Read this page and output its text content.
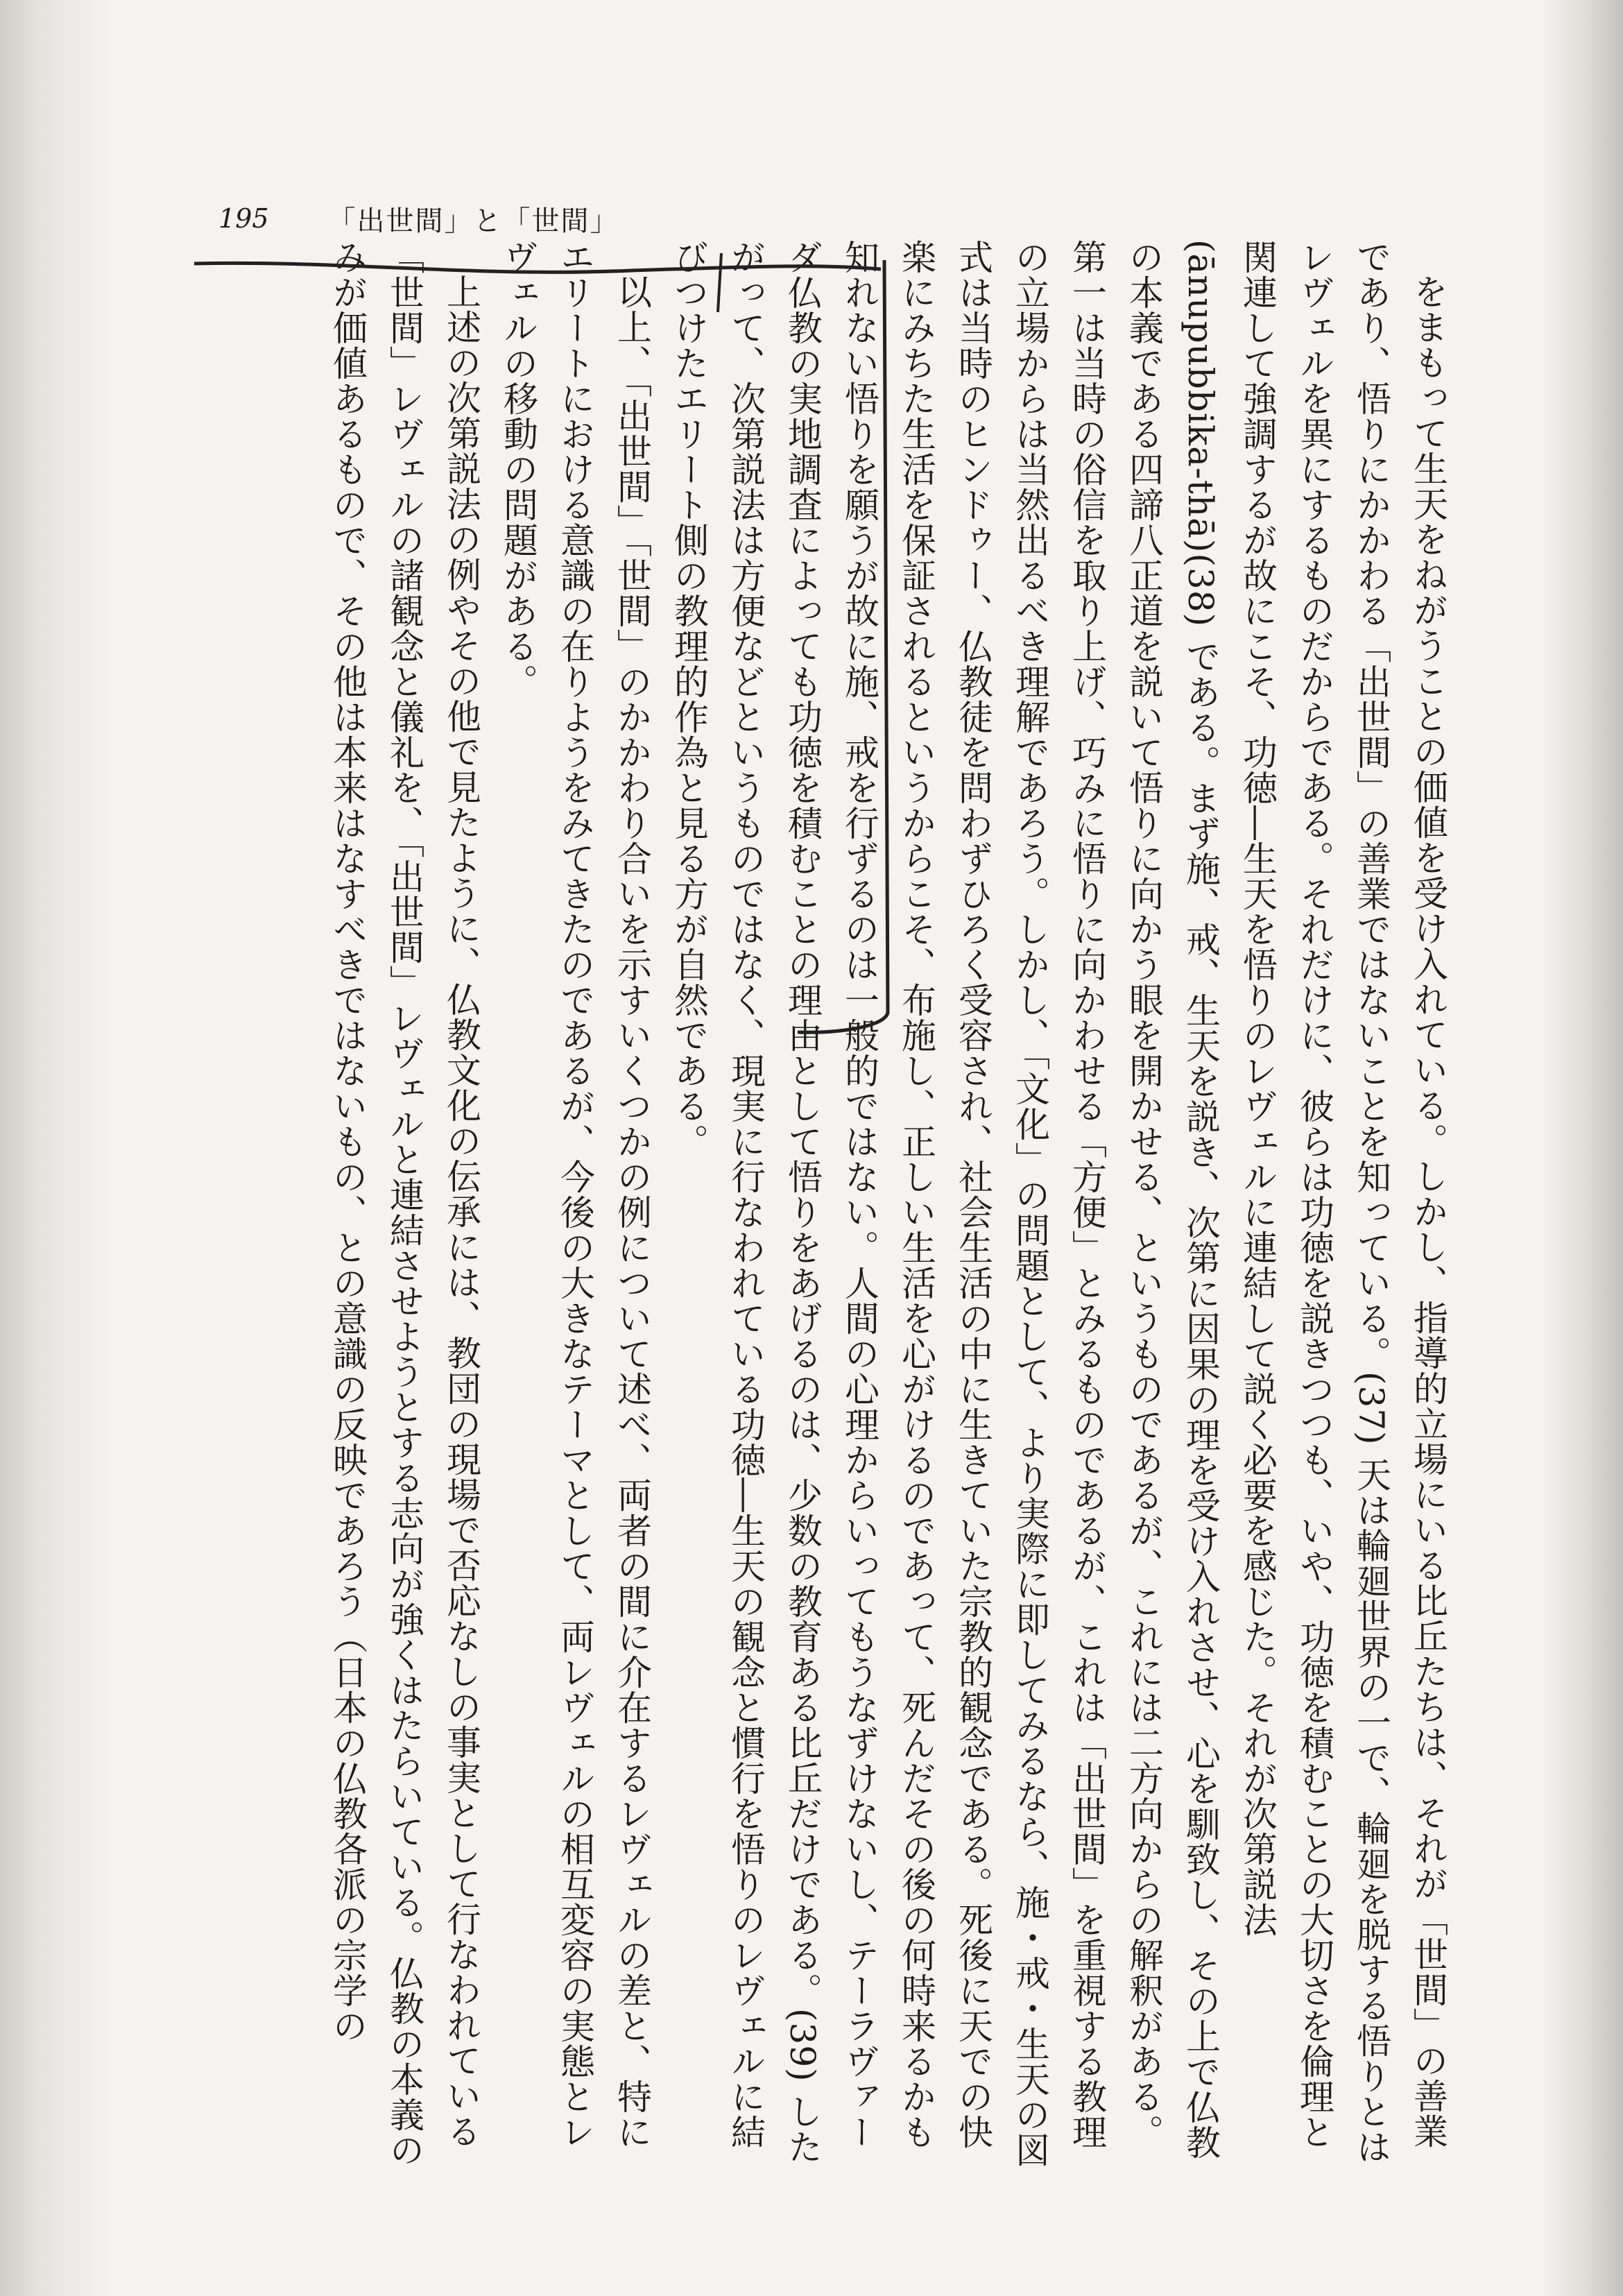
195 「出世間」と「世間」

をまもって生天をねがうことの価値を受け入れている。しかし、指導的立場にいる比丘たちは、それが「世間」の善業であり、悟りにかかわる「出世間」の善業ではないことを知っている。(37) 天は輪廻世界の一で、輪廻を脱する悟りとはレヴェルを異にするものだからである。それだけに、彼らは功徳を説きつつも、いや、功徳を積むことの大切さを倫理と関連して強調するが故にこそ、功徳―生天を悟りのレヴェルに連結して説く必要を感じた。それが次第説法(ānupubbika-thā)(38) である。まず施、戒、生天を説き、次第に因果の理を受け入れさせ、心を馴致し、その上で仏教の本義である四諦八正道を説いて悟りに向かう眼を開かせる、というものであるが、これには二方向からの解釈がある。第一は当時の俗信を取り上げ、巧みに悟りに向かわせる「方便」とみるものであるが、これは「出世間」を重視する教理の立場からは当然出るべき理解であろう。しかし、「文化」の問題として、より実際に即してみるなら、施・戒・生天の図式は当時のヒンドゥー、仏教徒を問わずひろく受容され、社会生活の中に生きていた宗教的観念である。死後に天での快楽にみちた生活を保証されるというからこそ、布施し、正しい生活を心がけるのであって、死んだその後の何時来るかも知れない悟りを願うが故に施、戒を行ずるのは一般的ではない。人間の心理からいってもうなずけないし、テーラヴァーダ仏教の実地調査によっても功徳を積むことの理由として悟りをあげるのは、少数の教育ある比丘だけである。(39) したがって、次第説法は方便などというものではなく、現実に行なわれている功徳―生天の観念と慣行を悟りのレヴェルに結びつけたエリート側の教理的作為と見る方が自然である。

以上、「出世間」「世間」のかかわり合いを示すいくつかの例について述べ、両者の間に介在するレヴェルの差と、特にエリートにおける意識の在りようをみてきたのであるが、今後の大きなテーマとして、両レヴェルの相互変容の実態とレヴェルの移動の問題がある。

上述の次第説法の例やその他で見たように、仏教文化の伝承には、教団の現場で否応なしの事実として行なわれている「世間」レヴェルの諸観念と儀礼を、「出世間」レヴェルと連結させようとする志向が強くはたらいている。仏教の本義のみが価値あるもので、その他は本来はなすべきではないもの、との意識の反映であろう（日本の仏教各派の宗学の
